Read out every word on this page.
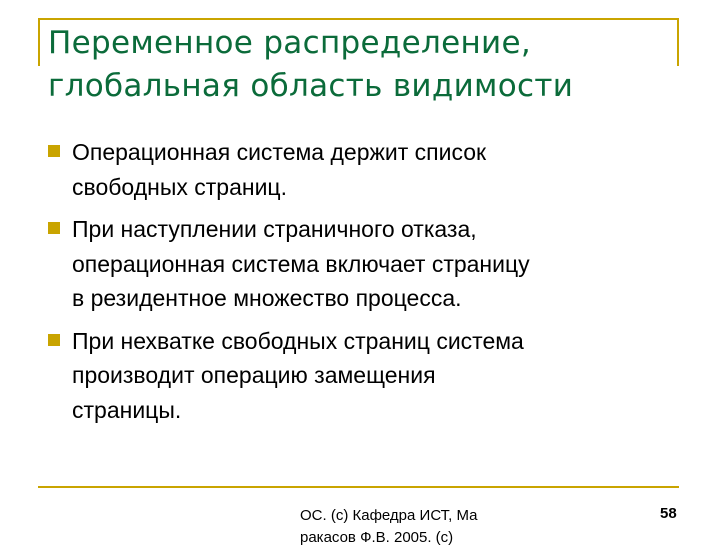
Переменное распределение,
глобальная область видимости
Операционная система держит список
свободных страниц.
При наступлении страничного отказа,
операционная система включает страницу
в резидентное множество процесса.
При нехватке свободных страниц система
производит операцию замещения
страницы.
ОС. (c) Кафедра ИСТ, Ма
ракасов Ф.В. 2005. (c)
58
